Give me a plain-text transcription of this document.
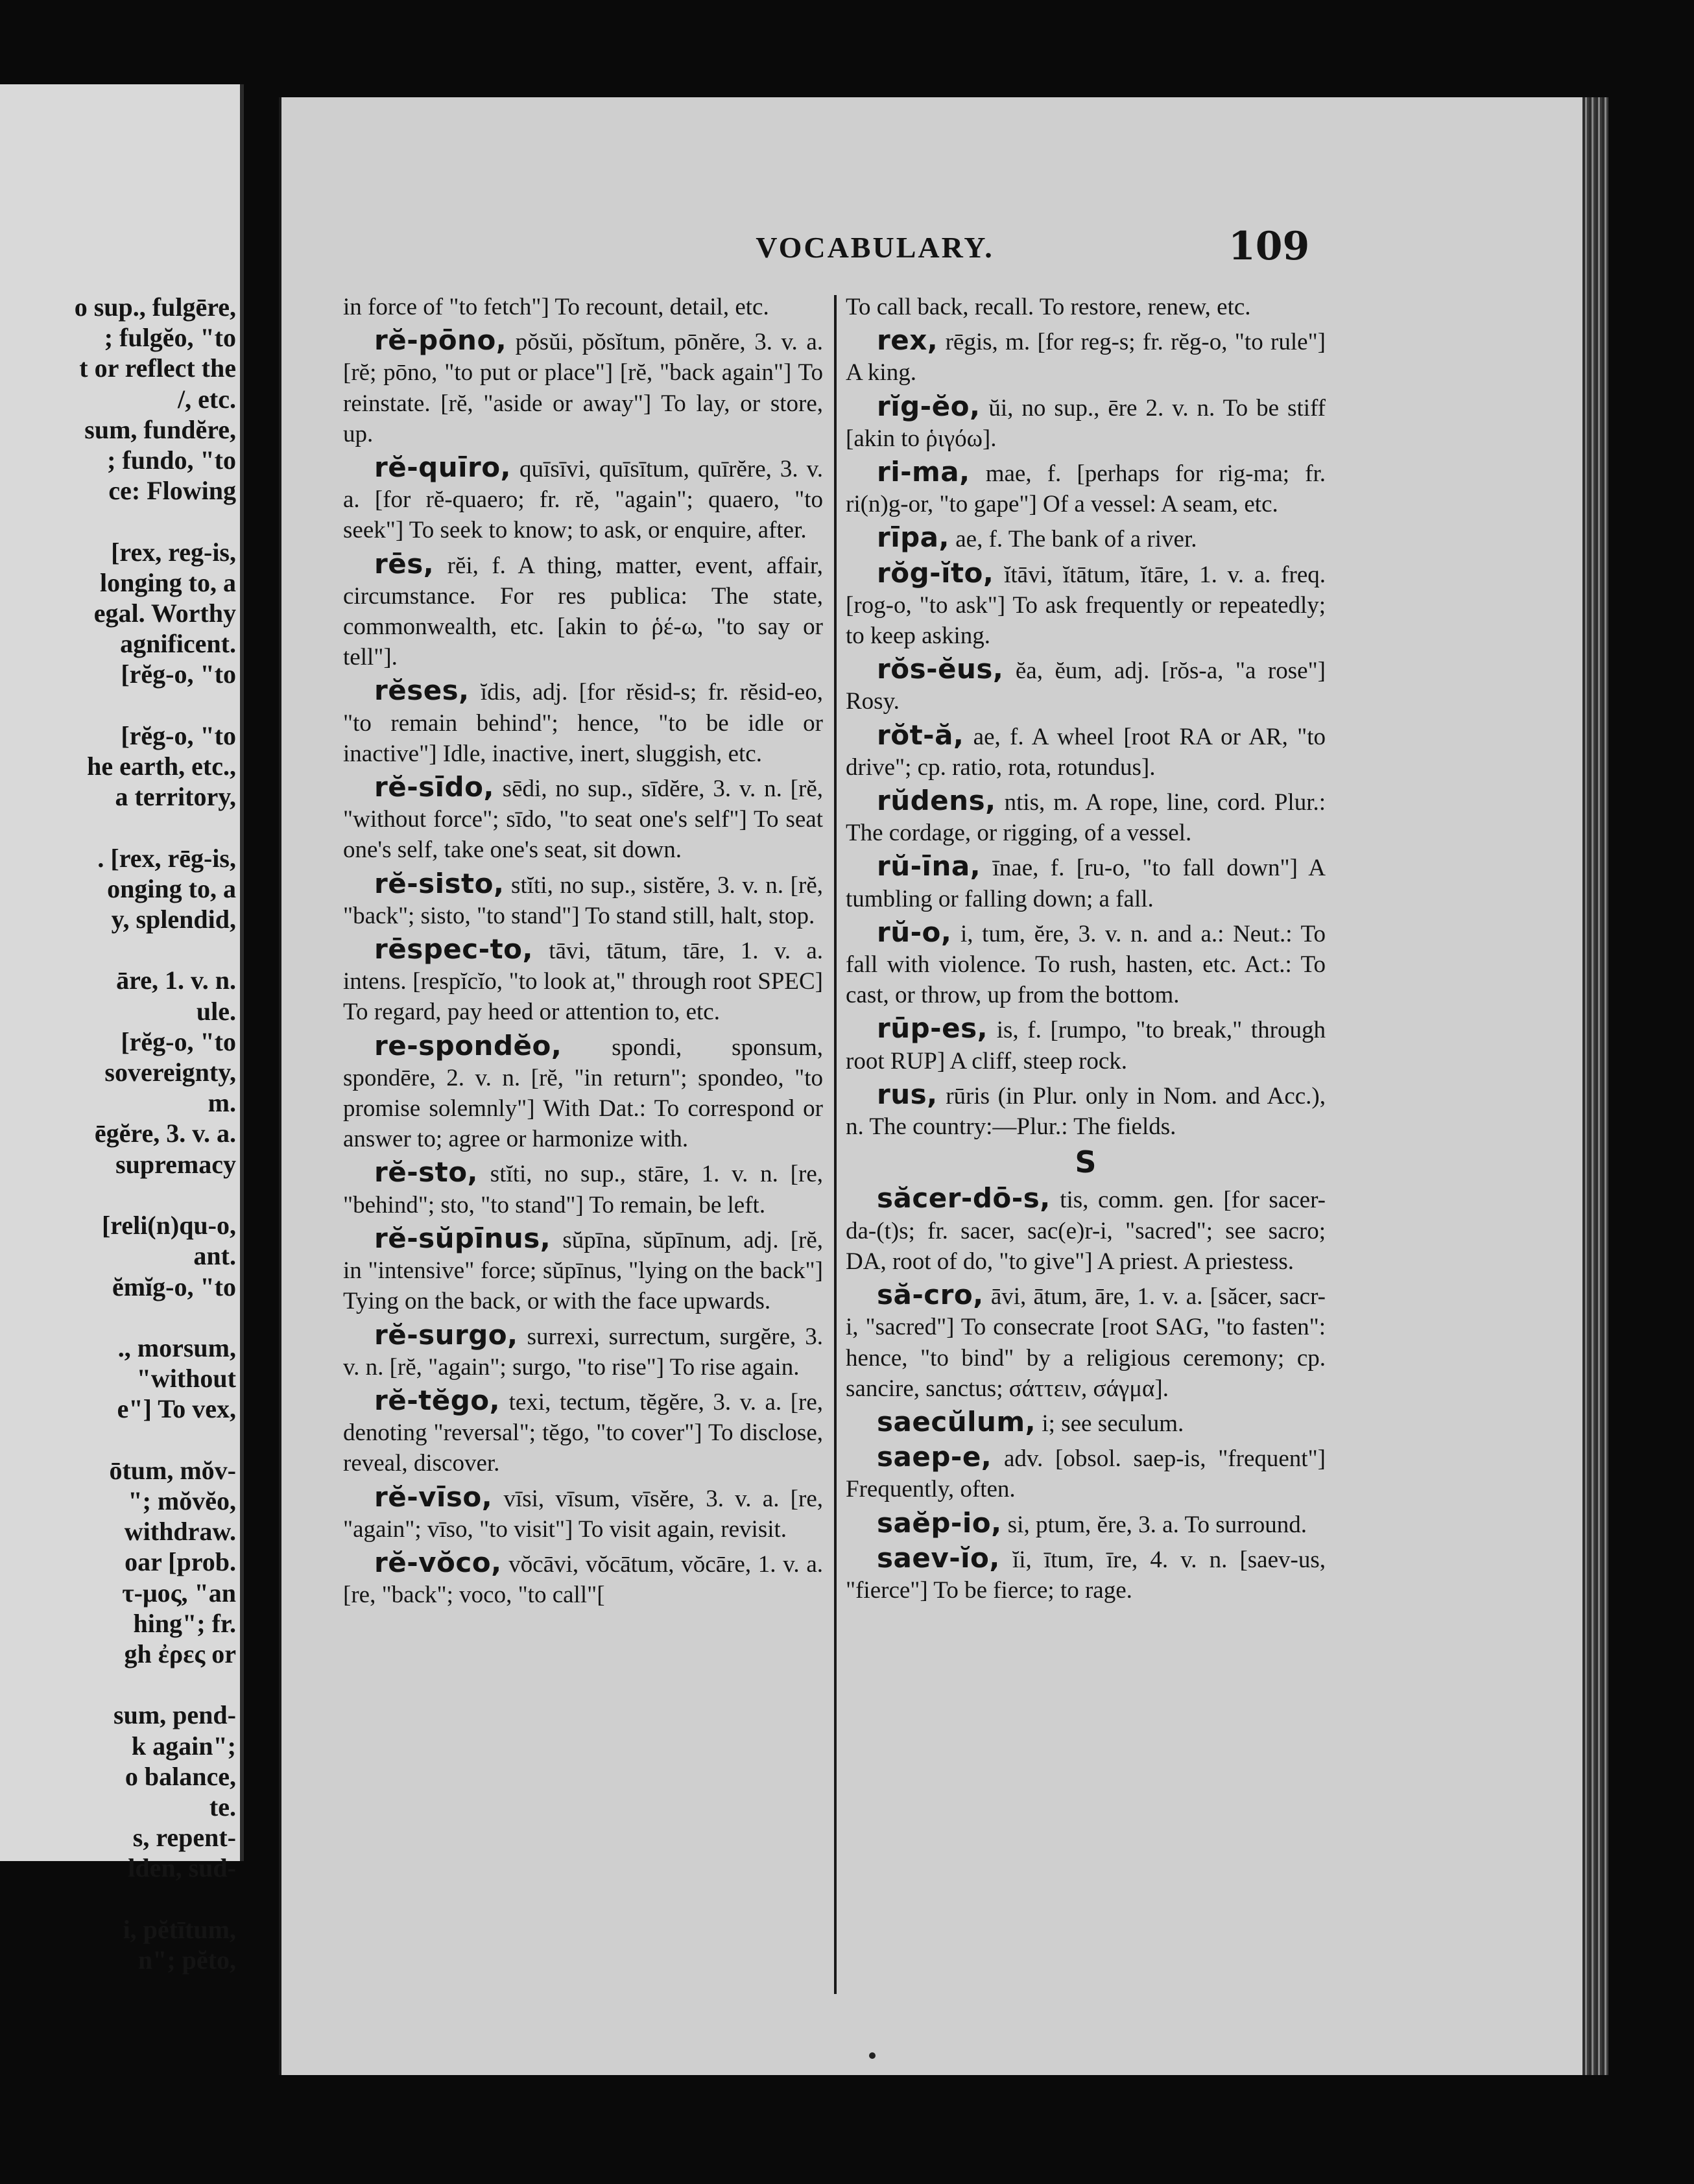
o sup., fulgēre,
; fulgĕo, "to
t or reflect the
/, etc.
sum, fundĕre,
; fundo, "to
ce: Flowing

[rex, reg-is,
longing to, a
egal. Worthy
agnificent.
[rĕg-o, "to

[rĕg-o, "to
he earth, etc.,
a territory,

. [rex, rēg-is,
onging to, a
y, splendid,

āre, 1. v. n.
ule.
[rĕg-o, "to
sovereignty,
m.
ēgĕre, 3. v. a.
supremacy

[reli(n)qu-o,
ant.
ĕmĭg-o, "to

., morsum,
"without
e"] To vex,

ōtum, mŏv-
"; mŏvĕo,
withdraw.
oar [prob.
τ-μος, "an
hing"; fr.
gh ἐρες or

sum, pend-
k again";
o balance,
te.
s, repent-
lden, sud-

i, pĕtītum,
n"; pĕto,
VOCABULARY.	109
in force of "to fetch"] To recount, detail, etc.
rĕ-pōno, pŏsŭi, pŏsĭtum, pōnĕre, 3. v. a. [rĕ; pōno, "to put or place"] [rĕ, "back again"] To reinstate. [rĕ, "aside or away"] To lay, or store, up.
rĕ-quīro, quīsīvi, quīsītum, quīrĕre, 3. v. a. [for rĕ-quaero; fr. rĕ, "again"; quaero, "to seek"] To seek to know; to ask, or enquire, after.
rēs, rĕi, f. A thing, matter, event, affair, circumstance. For res publica: The state, commonwealth, etc. [akin to ῥέ-ω, "to say or tell"].
rĕses, ĭdis, adj. [for rĕsid-s; fr. rĕsid-eo, "to remain behind"; hence, "to be idle or inactive"] Idle, inactive, inert, sluggish, etc.
rĕ-sīdo, sēdi, no sup., sīdĕre, 3. v. n. [rĕ, "without force"; sīdo, "to seat one's self"] To seat one's self, take one's seat, sit down.
rĕ-sisto, stĭti, no sup., sistĕre, 3. v. n. [rĕ, "back"; sisto, "to stand"] To stand still, halt, stop.
rēspec-to, tāvi, tātum, tāre, 1. v. a. intens. [respĭcĭo, "to look at," through root SPEC] To regard, pay heed or attention to, etc.
re-spondĕo, spondi, sponsum, spondēre, 2. v. n. [rĕ, "in return"; spondeo, "to promise solemnly"] With Dat.: To correspond or answer to; agree or harmonize with.
rĕ-sto, stĭti, no sup., stāre, 1. v. n. [re, "behind"; sto, "to stand"] To remain, be left.
rĕ-sŭpīnus, sŭpīna, sŭpīnum, adj. [rĕ, in "intensive" force; sŭpīnus, "lying on the back"] Tying on the back, or with the face upwards.
rĕ-surgo, surrexi, surrectum, surgĕre, 3. v. n. [rĕ, "again"; surgo, "to rise"] To rise again.
rĕ-tĕgo, texi, tectum, tĕgĕre, 3. v. a. [re, denoting "reversal"; tĕgo, "to cover"] To disclose, reveal, discover.
rĕ-vīso, vīsi, vīsum, vīsĕre, 3. v. a. [re, "again"; vīso, "to visit"] To visit again, revisit.
rĕ-vŏco, vŏcāvi, vŏcātum, vŏcāre, 1. v. a. [re, "back"; voco, "to call"[
To call back, recall. To restore, renew, etc.
rex, rēgis, m. [for reg-s; fr. rĕg-o, "to rule"] A king.
rĭg-ĕo, ŭi, no sup., ēre 2. v. n. To be stiff [akin to ῥιγόω].
ri-ma, mae, f. [perhaps for rig-ma; fr. ri(n)g-or, "to gape"] Of a vessel: A seam, etc.
rīpa, ae, f. The bank of a river.
rŏg-ĭto, ĭtāvi, ĭtātum, ĭtāre, 1. v. a. freq. [rog-o, "to ask"] To ask frequently or repeatedly; to keep asking.
rŏs-ĕus, ĕa, ĕum, adj. [rŏs-a, "a rose"] Rosy.
rŏt-ă, ae, f. A wheel [root RA or AR, "to drive"; cp. ratio, rota, rotundus].
rŭdens, ntis, m. A rope, line, cord. Plur.: The cordage, or rigging, of a vessel.
rŭ-īna, īnae, f. [ru-o, "to fall down"] A tumbling or falling down; a fall.
rŭ-o, i, tum, ĕre, 3. v. n. and a.: Neut.: To fall with violence. To rush, hasten, etc. Act.: To cast, or throw, up from the bottom.
rūp-es, is, f. [rumpo, "to break," through root RUP] A cliff, steep rock.
rus, rūris (in Plur. only in Nom. and Acc.), n. The country:—Plur.: The fields.
S
săcer-dō-s, tis, comm. gen. [for sacer-da-(t)s; fr. sacer, sac(e)r-i, "sacred"; see sacro; DA, root of do, "to give"] A priest. A priestess.
să-cro, āvi, ātum, āre, 1. v. a. [săcer, sacr-i, "sacred"] To consecrate [root SAG, "to fasten": hence, "to bind" by a religious ceremony; cp. sancire, sanctus; σάττειν, σάγμα].
saecŭlum, i; see seculum.
saep-e, adv. [obsol. saep-is, "frequent"] Frequently, often.
saĕp-io, si, ptum, ĕre, 3. a. To surround.
saev-ĭo, ĭi, ītum, īre, 4. v. n. [saev-us, "fierce"] To be fierce; to rage.
